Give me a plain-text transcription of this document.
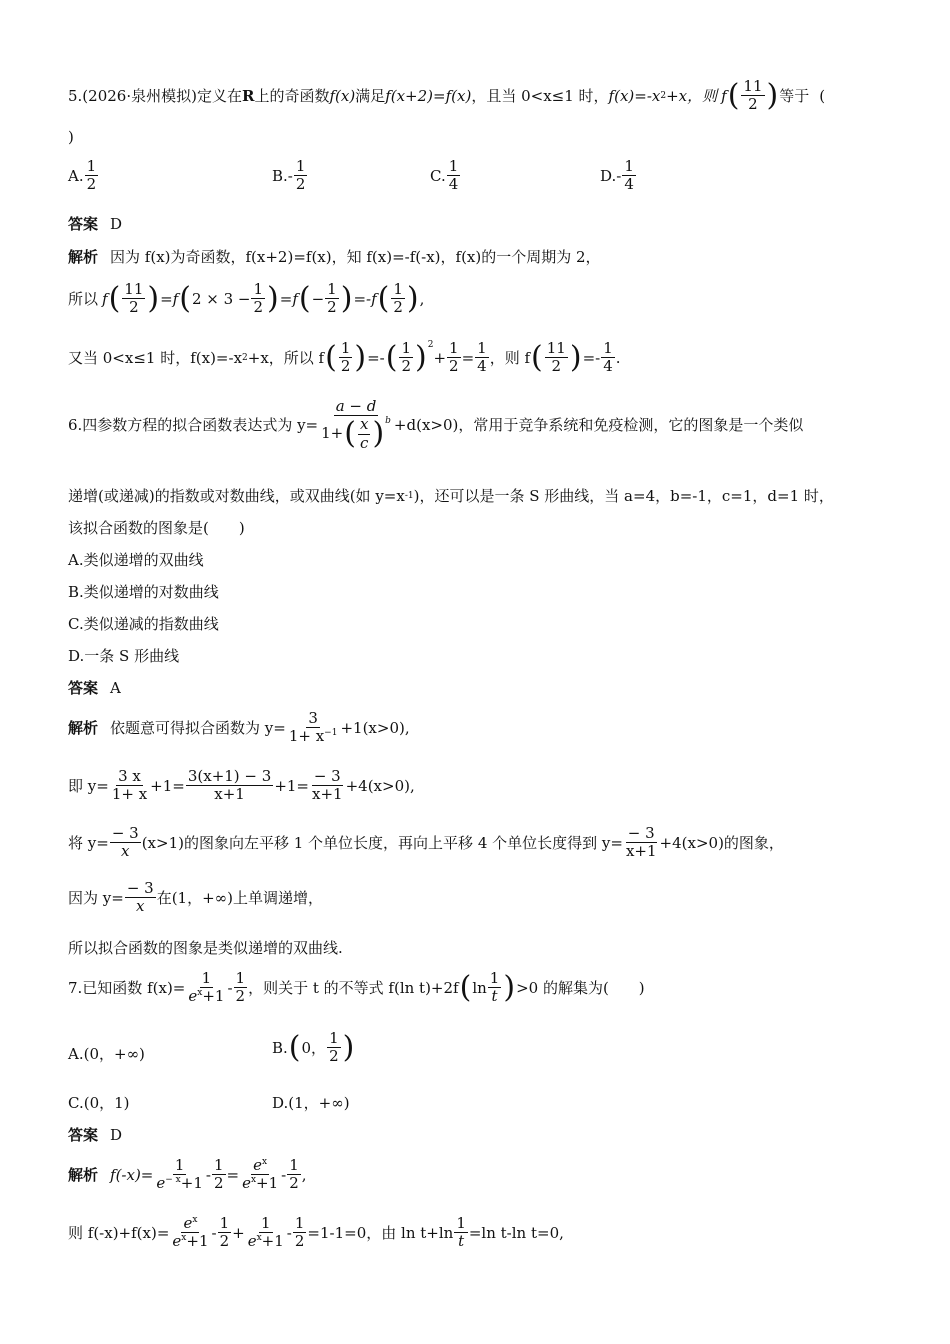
5.(2026·泉州模拟)定义在 R 上的奇函数 f(x) 满足 f(x+2)=f(x) ，且当 0<x≤1 时， f(x)=-x 2 +x，则 f ( $\frac{11}{2}$ ) 等于 (
)
A. $\frac{1}{2}$	B. - $\frac{1}{2}$	C. $\frac{1}{4}$	D. - $\frac{1}{4}$
答案 D
解析 因为 f(x)为奇函数，f(x+2)=f(x)，知 f(x)=-f(-x)，f(x)的一个周期为 2，
所以 f ( $\frac{11}{2}$ ) =f ( $2 \times 3 - \frac{1}{2}$ ) =f ( − $\frac{1}{2}$ ) =-f ( $\frac{1}{2}$ ) ,
又当 0<x≤1 时，f(x)=-x 2 +x，所以 f ( $\frac{1}{2}$ ) =- ( $\frac{1}{2} )^2$
+ $\frac{1}{2} = \frac{1}{4}$ ，则 f ( $\frac{11}{2}$ ) =- $\frac{1}{4}$ .
6.四参数方程的拟合函数表达式为 $y= \frac{a - d}{1+ ( \frac{x}{c} )^b} +d(x>0)$，常用于竞争系统和免疫检测，它的图象是一个类似
递增(或递减)的指数或对数曲线，或双曲线(如 y=x -1 )，还可以是一条 S 形曲线，当 a=4，b=-1，c=1，d=1 时，
该拟合函数的图象是(　　)
A.类似递增的双曲线
B.类似递增的对数曲线
C.类似递减的指数曲线
D.一条 S 形曲线
答案 A
解析 依题意可得拟合函数为 $y= \frac{3}{1+ x^{-1}} +1(x>0)$,
即 $y= \frac{3 x}{1+ x} +1= \frac{3(x+1) - 3}{x+1} +1= \frac{- 3}{x+1} +4(x>0)$,
将 $y= \frac{- 3}{x} (x>1)$的图象向左平移 1 个单位长度，再向上平移 4 个单位长度得到 $y= \frac{- 3}{x+1} +4(x>0)$的图象，
因为 $y= \frac{- 3}{x}$ 在(1，+∞)上单调递增，
所以拟合函数的图象是类似递增的双曲线.
7.已知函数 $f(x)= \frac{1}{e^x+1} - \frac{1}{2}$ ，则关于 t 的不等式 f(ln t)+2f ( $\ln \frac{1}{t}$ ) >0 的解集为(　　)
A.(0，+∞)	B. ( 0， $\frac{1}{2}$ )
C.(0，1)	D.(1，+∞)
答案 D
解析 $f(-x)= \frac{1}{e^{- x}+1} - \frac{1}{2} = \frac{e^x}{e^x+1} - \frac{1}{2}$ ,
则 $f(-x)+f(x)= \frac{e^x}{e^x+1} - \frac{1}{2} + \frac{1}{e^x+1} - \frac{1}{2} =1-1=0$，由 $\ln t+\ln \frac{1}{t} =\ln$ t-ln t=0,
